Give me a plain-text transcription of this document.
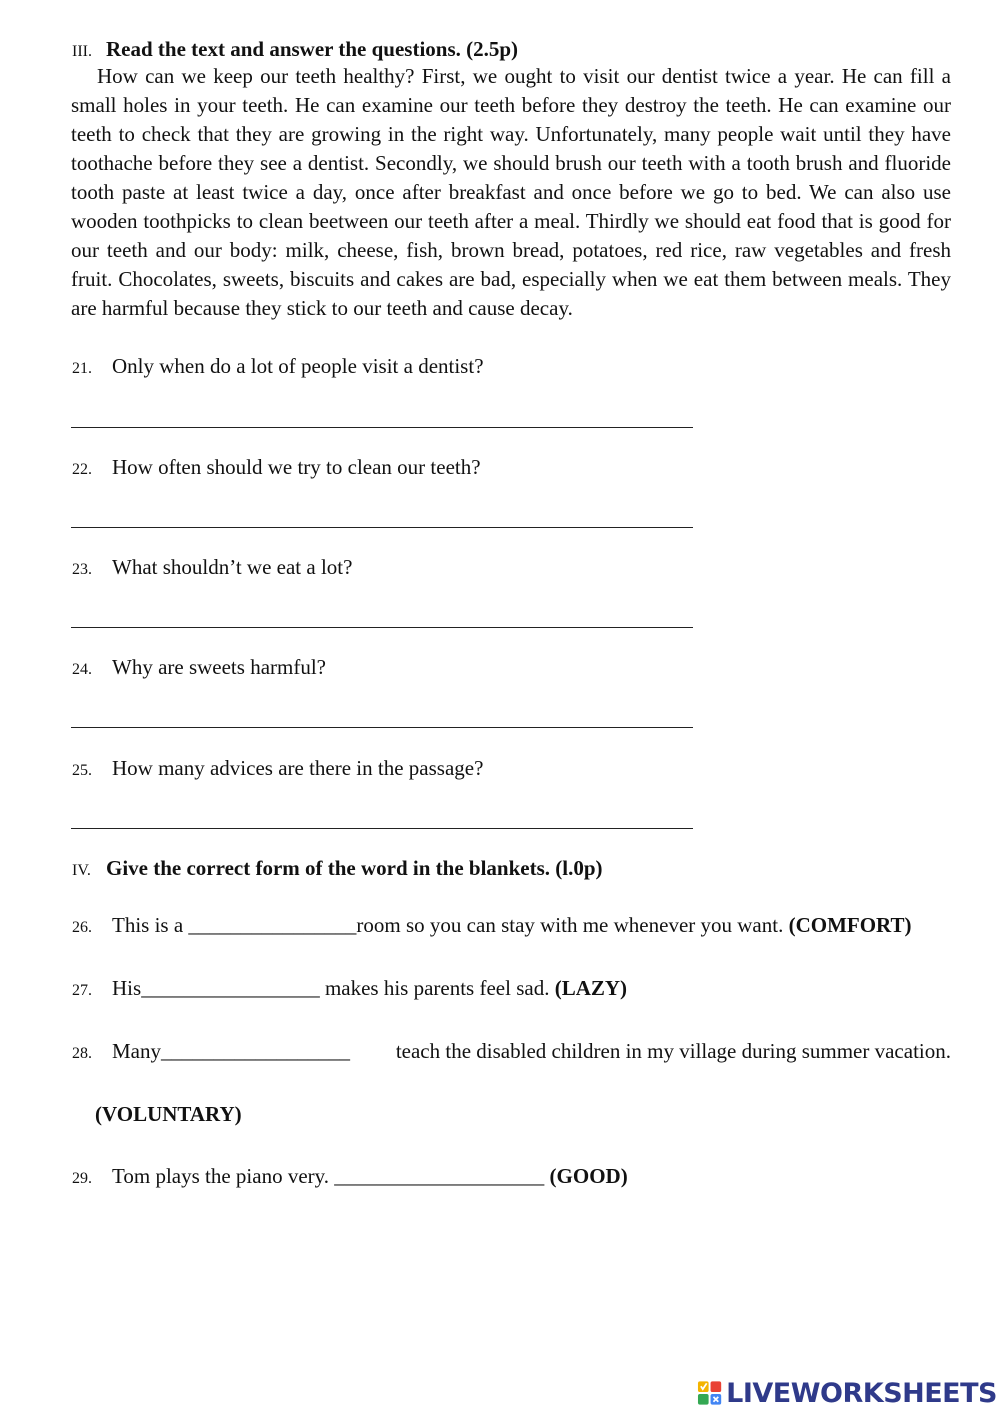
III. Read the text and answer the questions. (2.5p)

How can we keep our teeth healthy? First, we ought to visit our dentist twice a year. He can fill a small holes in your teeth. He can examine our teeth before they destroy the teeth. He can examine our teeth to check that they are growing in the right way. Unfortunately, many people wait until they have toothache before they see a dentist. Secondly, we should brush our teeth with a tooth brush and fluoride tooth paste at least twice a day, once after breakfast and once before we go to bed. We can also use wooden toothpicks to clean beetween our teeth after a meal. Thirdly we should eat food that is good for our teeth and our body: milk, cheese, fish, brown bread, potatoes, red rice, raw vegetables and fresh fruit. Chocolates, sweets, biscuits and cakes are bad, especially when we eat them between meals. They are harmful because they stick to our teeth and cause decay.

21. Only when do a lot of people visit a dentist?
22. How often should we try to clean our teeth?
23. What shouldn’t we eat a lot?
24. Why are sweets harmful?
25. How many advices are there in the passage?
IV. Give the correct form of the word in the blankets. (l.0p)
26. This is a ________________room so you can stay with me whenever you want. (COMFORT)
27. His_________________ makes his parents feel sad. (LAZY)
28. Many__________________ teach the disabled children in my village during summer vacation.
(VOLUNTARY)
29. Tom plays the piano very. ____________________ (GOOD)
LIVEWORKSHEETS
